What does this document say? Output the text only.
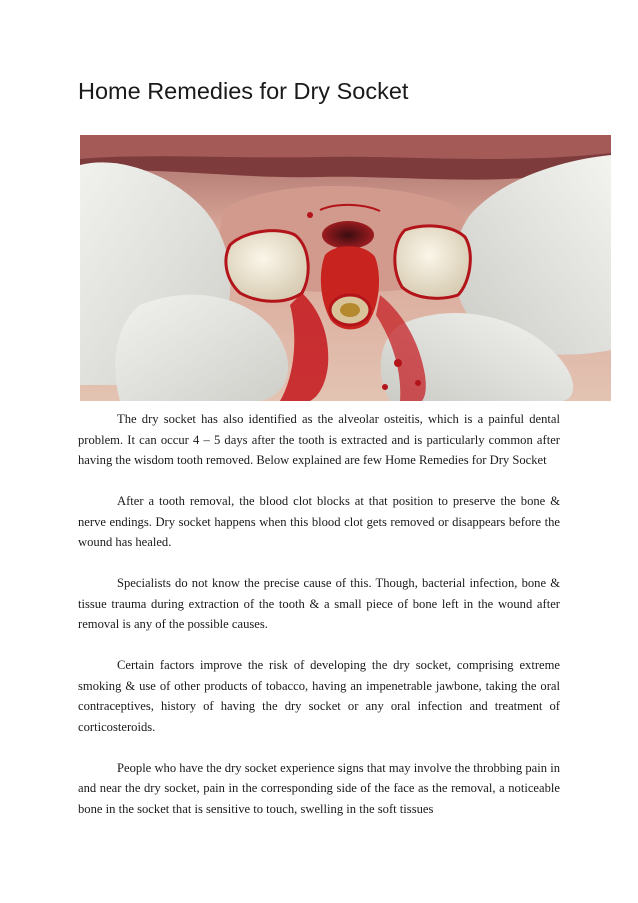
Home Remedies for Dry Socket

The dry socket has also identified as the alveolar osteitis, which is a painful dental problem. It can occur 4 – 5 days after the tooth is extracted and is particularly common after having the wisdom tooth removed. Below explained are few Home Remedies for Dry Socket

After a tooth removal, the blood clot blocks at that position to preserve the bone & nerve endings. Dry socket happens when this blood clot gets removed or disappears before the wound has healed.

Specialists do not know the precise cause of this. Though, bacterial infection, bone & tissue trauma during extraction of the tooth & a small piece of bone left in the wound after removal is any of the possible causes.

Certain factors improve the risk of developing the dry socket, comprising extreme smoking & use of other products of tobacco, having an impenetrable jawbone, taking the oral contraceptives, history of having the dry socket or any oral infection and treatment of corticosteroids.

People who have the dry socket experience signs that may involve the throbbing pain in and near the dry socket, pain in the corresponding side of the face as the removal, a noticeable bone in the socket that is sensitive to touch, swelling in the soft tissues
